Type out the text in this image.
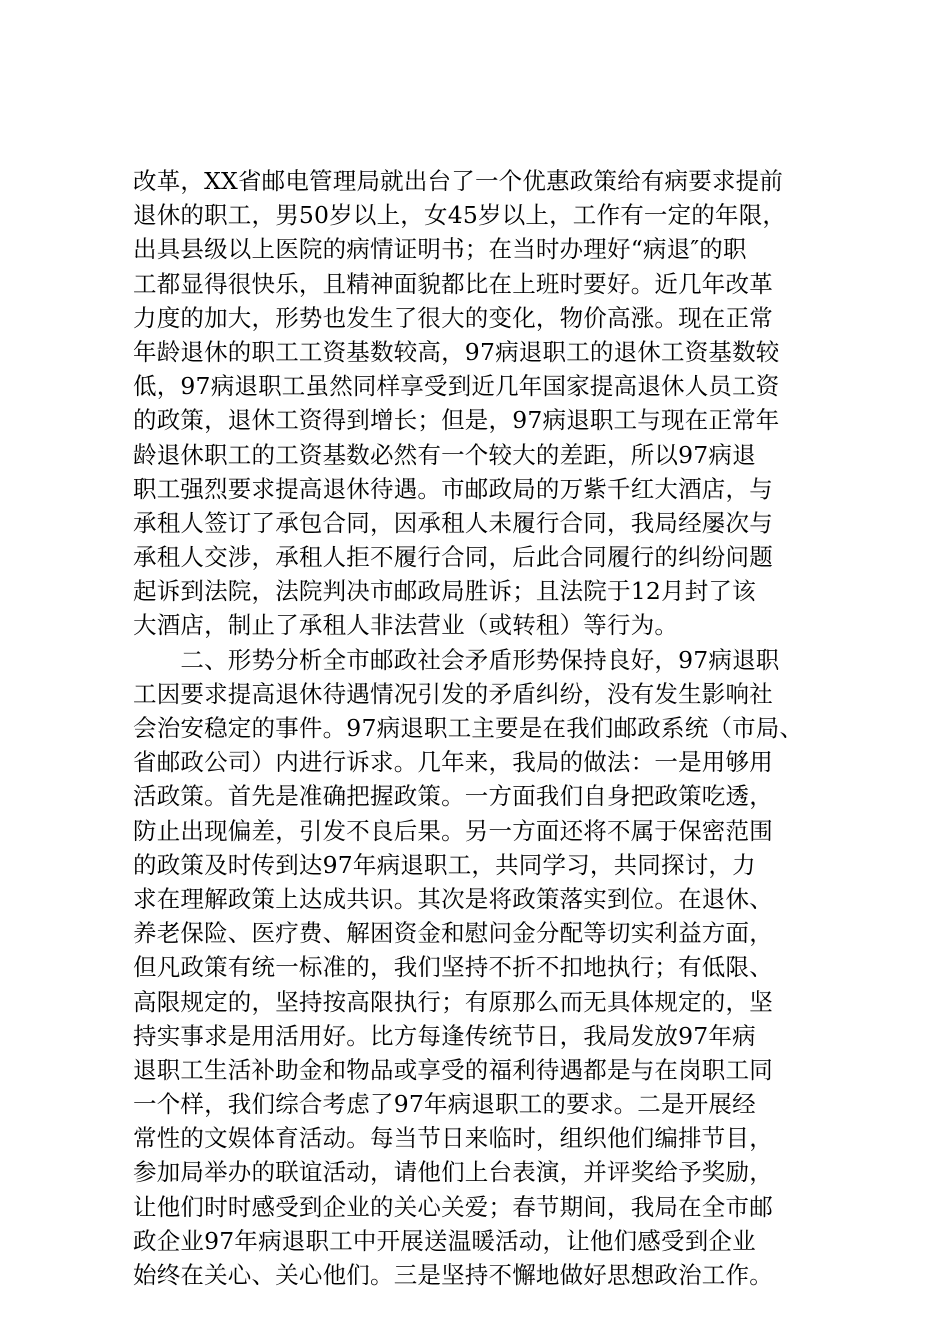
改革，XX省邮电管理局就出台了一个优惠政策给有病要求提前
退休的职工，男50岁以上，女45岁以上，工作有一定的年限，
出具县级以上医院的病情证明书；在当时办理好“病退″的职
工都显得很快乐，且精神面貌都比在上班时要好。近几年改革
力度的加大，形势也发生了很大的变化，物价高涨。现在正常
年龄退休的职工工资基数较高，97病退职工的退休工资基数较
低，97病退职工虽然同样享受到近几年国家提高退休人员工资
的政策，退休工资得到增长；但是，97病退职工与现在正常年
龄退休职工的工资基数必然有一个较大的差距，所以97病退
职工强烈要求提高退休待遇。市邮政局的万紫千红大酒店，与
承租人签订了承包合同，因承租人未履行合同，我局经屡次与
承租人交涉，承租人拒不履行合同，后此合同履行的纠纷问题
起诉到法院，法院判决市邮政局胜诉；且法院于12月封了该
大酒店，制止了承租人非法营业（或转租）等行为。
　　二、形势分析全市邮政社会矛盾形势保持良好，97病退职
工因要求提高退休待遇情况引发的矛盾纠纷，没有发生影响社
会治安稳定的事件。97病退职工主要是在我们邮政系统（市局、
省邮政公司）内进行诉求。几年来，我局的做法：一是用够用
活政策。首先是准确把握政策。一方面我们自身把政策吃透，
防止出现偏差，引发不良后果。另一方面还将不属于保密范围
的政策及时传到达97年病退职工，共同学习，共同探讨，力
求在理解政策上达成共识。其次是将政策落实到位。在退休、
养老保险、医疗费、解困资金和慰问金分配等切实利益方面，
但凡政策有统一标准的，我们坚持不折不扣地执行；有低限、
高限规定的，坚持按高限执行；有原那么而无具体规定的，坚
持实事求是用活用好。比方每逢传统节日，我局发放97年病
退职工生活补助金和物品或享受的福利待遇都是与在岗职工同
一个样，我们综合考虑了97年病退职工的要求。二是开展经
常性的文娱体育活动。每当节日来临时，组织他们编排节目，
参加局举办的联谊活动，请他们上台表演，并评奖给予奖励，
让他们时时感受到企业的关心关爱；春节期间，我局在全市邮
政企业97年病退职工中开展送温暖活动，让他们感受到企业
始终在关心、关心他们。三是坚持不懈地做好思想政治工作。
